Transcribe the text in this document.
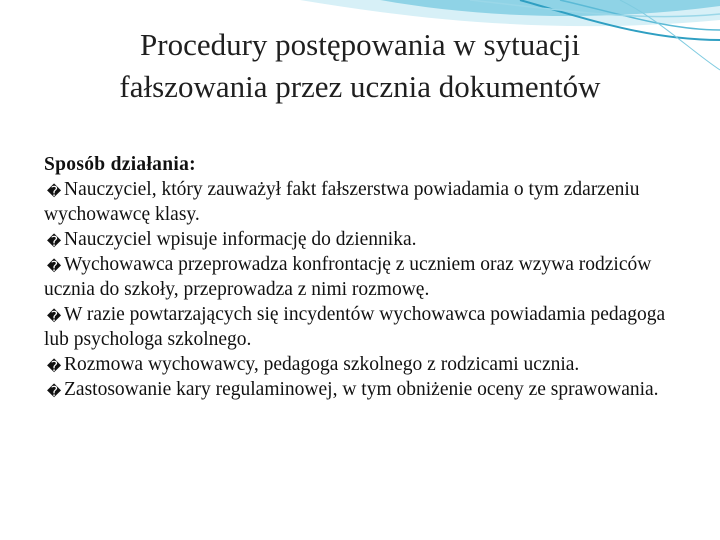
Procedury postępowania w sytuacji
fałszowania przez ucznia dokumentów
Sposób działania:
� Nauczyciel, który zauważył fakt fałszerstwa powiadamia o tym zdarzeniu wychowawcę klasy.
� Nauczyciel wpisuje informację do dziennika.
� Wychowawca przeprowadza konfrontację z uczniem oraz wzywa rodziców ucznia do szkoły, przeprowadza z nimi rozmowę.
� W razie powtarzających się incydentów wychowawca powiadamia pedagoga lub psychologa szkolnego.
� Rozmowa wychowawcy, pedagoga szkolnego z rodzicami ucznia.
� Zastosowanie kary regulaminowej, w tym obniżenie oceny ze sprawowania.
